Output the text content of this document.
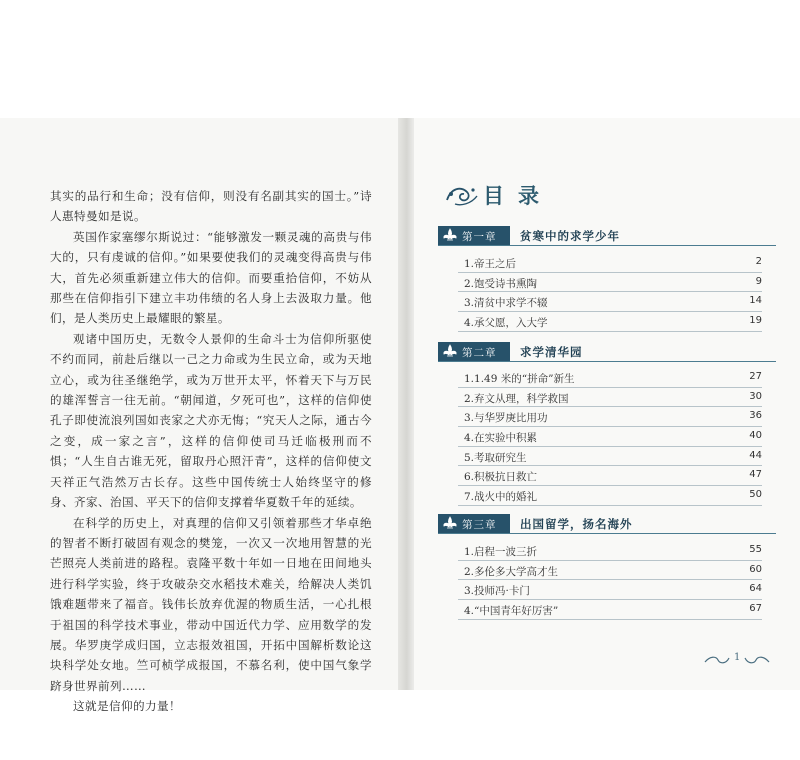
其实的品行和生命；没有信仰，则没有名副其实的国士。”诗人惠特曼如是说。

英国作家塞缪尔斯说过：“能够激发一颗灵魂的高贵与伟大的，只有虔诚的信仰。”如果要使我们的灵魂变得高贵与伟大，首先必须重新建立伟大的信仰。而要重拾信仰，不妨从那些在信仰指引下建立丰功伟绩的名人身上去汲取力量。他们，是人类历史上最耀眼的繁星。

观诸中国历史，无数令人景仰的生命斗士为信仰所驱使不约而同，前赴后继以一己之力命或为生民立命，或为天地立心，或为往圣继绝学，或为万世开太平，怀着天下与万民的雄浑誓言一往无前。“朝闻道，夕死可也”，这样的信仰使孔子即使流浪列国如丧家之犬亦无悔；“究天人之际，通古今之变，成一家之言”，这样的信仰使司马迁临极刑而不惧；“人生自古谁无死，留取丹心照汗青”，这样的信仰使文天祥正气浩然万古长存。这些中国传统士人始终坚守的修身、齐家、治国、平天下的信仰支撑着华夏数千年的延续。

在科学的历史上，对真理的信仰又引领着那些才华卓绝的智者不断打破固有观念的樊笼，一次又一次地用智慧的光芒照亮人类前进的路程。袁隆平数十年如一日地在田间地头进行科学实验，终于攻破杂交水稻技术难关，给解决人类饥饿难题带来了福音。钱伟长放弃优渥的物质生活，一心扎根于祖国的科学技术事业，带动中国近代力学、应用数学的发展。华罗庚学成归国，立志报效祖国，开拓中国解析数论这块科学处女地。竺可桢学成报国，不慕名利，使中国气象学跻身世界前列……

这就是信仰的力量！

目录
第一章 贫寒中的求学少年
1.帝王之后	2
2.饱受诗书熏陶	9
3.清贫中求学不辍	14
4.承父愿，入大学	19
第二章 求学清华园
1.1.49 米的“拼命”新生	27
2.弃文从理，科学救国	30
3.与华罗庚比用功	36
4.在实验中积累	40
5.考取研究生	44
6.积极抗日救亡	47
7.战火中的婚礼	50
第三章 出国留学，扬名海外
1.启程一波三折	55
2.多伦多大学高才生	60
3.投师冯·卡门	64
4.“中国青年好厉害”	67
1
